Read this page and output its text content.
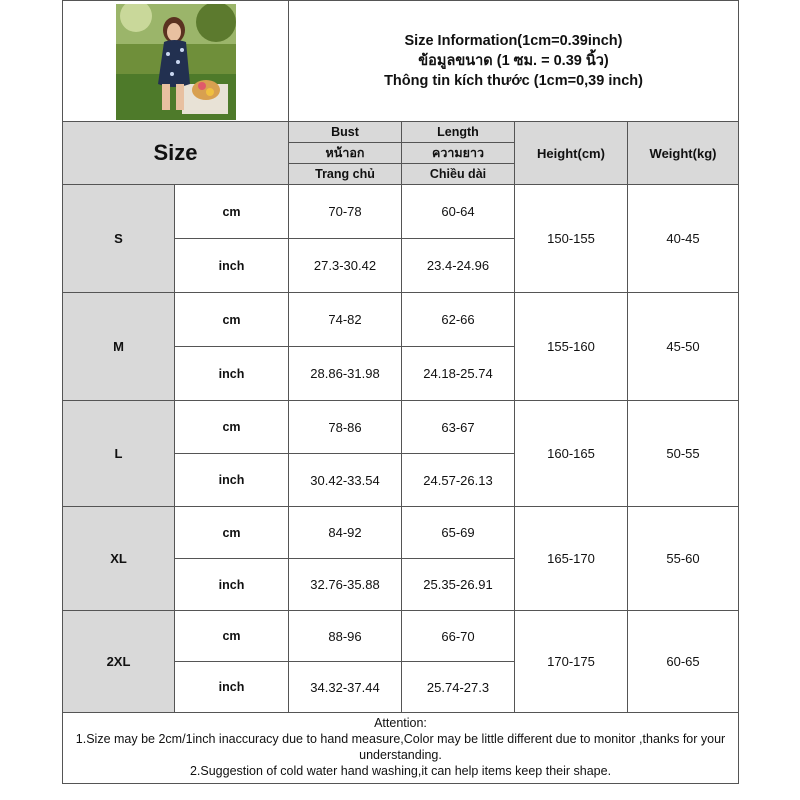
Size Information(1cm=0.39inch)
ข้อมูลขนาด (1 ซม. = 0.39 นิ้ว)
Thông tin kích thước (1cm=0,39 inch)			

Size		Bust	Length	Height(cm)	Weight(kg)
		หน้าอก	ความยาว		
		Trang chủ	Chiều dài		
S	cm	70-78	60-64	150-155	40-45
	inch	27.3-30.42	23.4-24.96		
M	cm	74-82	62-66	155-160	45-50
	inch	28.86-31.98	24.18-25.74		
L	cm	78-86	63-67	160-165	50-55
	inch	30.42-33.54	24.57-26.13		
XL	cm	84-92	65-69	165-170	55-60
	inch	32.76-35.88	25.35-26.91		
2XL	cm	88-96	66-70	170-175	60-65
	inch	34.32-37.44	25.74-27.3		

Attention:
1.Size may be 2cm/1inch inaccuracy due to hand measure,Color may be little different due to monitor ,thanks for your understanding.
2.Suggestion of cold water hand washing,it can help items keep their shape.					
